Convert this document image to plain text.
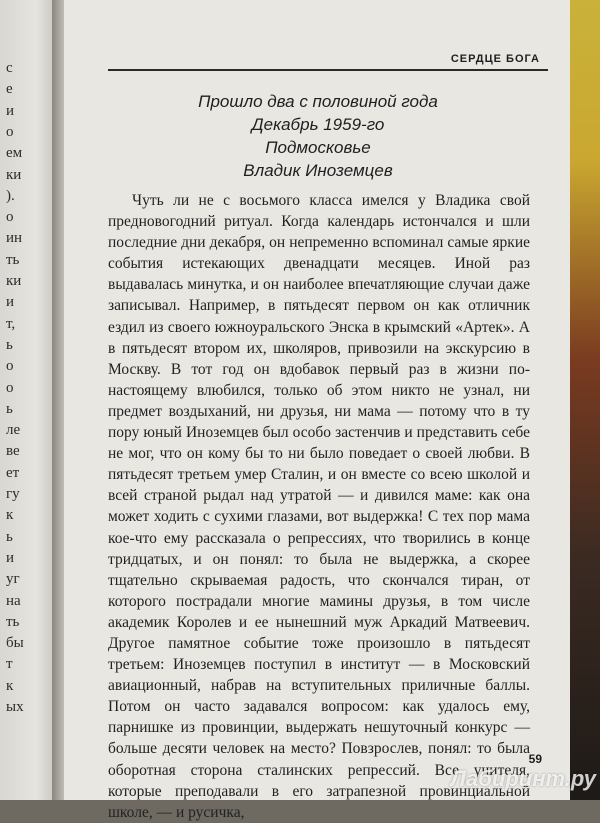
с
е
и
о
ем
ки
).
о
ин
ть
ки
и
т,
ь
о
о
ь
ле
ве
ет
гу
к
ь
и
уг
на
ть
бы
т
к
ых
СЕРДЦЕ БОГА
Прошло два с половиной года
Декабрь 1959-го
Подмосковье
Владик Иноземцев

Чуть ли не с восьмого класса имелся у Владика свой предновогодний ритуал. Когда календарь истончался и шли последние дни декабря, он непременно вспоминал самые яркие события истекающих двенадцати месяцев. Иной раз выдавалась минутка, и он наиболее впечатляющие случаи даже записывал. Например, в пятьдесят первом он как отличник ездил из своего южноуральского Энска в крымский «Артек». А в пятьдесят втором их, школяров, привозили на экскурсию в Москву. В тот год он вдобавок первый раз в жизни по-настоящему влюбился, только об этом никто не узнал, ни предмет воздыханий, ни друзья, ни мама — потому что в ту пору юный Иноземцев был особо застенчив и представить себе не мог, что он кому бы то ни было поведает о своей любви. В пятьдесят третьем умер Сталин, и он вместе со всею школой и всей страной рыдал над утратой — и дивился маме: как она может ходить с сухими глазами, вот выдержка! С тех пор мама кое-что ему рассказала о репрессиях, что творились в конце тридцатых, и он понял: то была не выдержка, а скорее тщательно скрываемая радость, что скончался тиран, от которого пострадали многие мамины друзья, в том числе академик Королев и ее нынешний муж Аркадий Матвеевич. Другое памятное событие тоже произошло в пятьдесят третьем: Иноземцев поступил в институт — в Московский авиационный, набрав на вступительных приличные баллы. Потом он часто задавался вопросом: как удалось ему, парнишке из провинции, выдержать нешуточный конкурс — больше десяти человек на место? Повзрослев, понял: то была оборотная сторона сталинских репрессий. Все учителя, которые преподавали в его затрапезной провинциальной школе, — и русичка,

59
Лабиринт.ру
